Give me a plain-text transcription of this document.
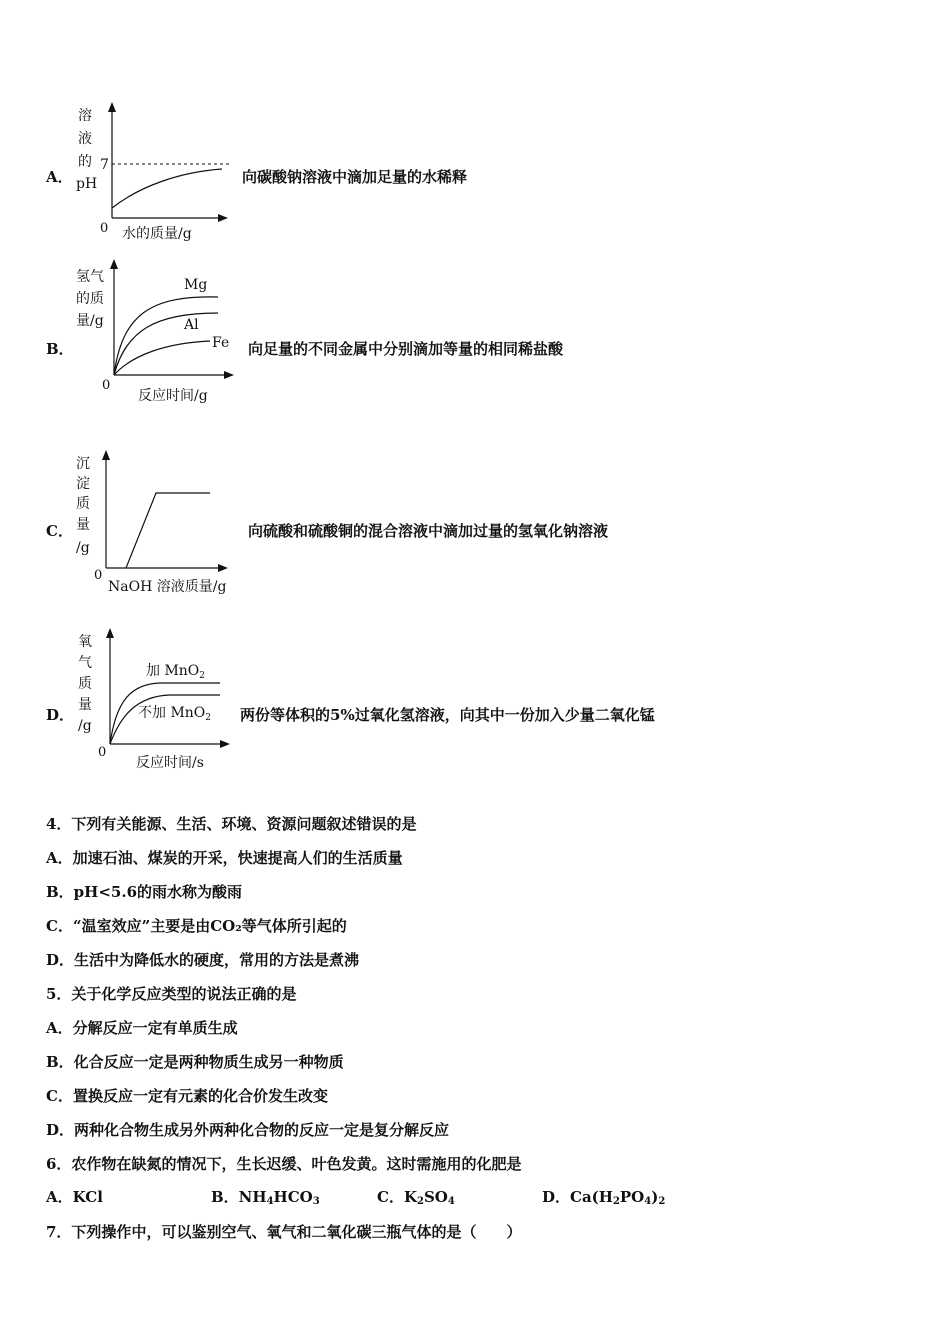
A．
溶
液
的
pH
7
0 水的质量/g
向碳酸钠溶液中滴加足量的水稀释
B．
氢气
的质
量/g
Mg
Al
Fe
0
反应时间/g
向足量的不同金属中分别滴加等量的相同稀盐酸
C．
沉
淀
质
量
/g
0
NaOH 溶液质量/g
向硫酸和硫酸铜的混合溶液中滴加过量的氢氧化钠溶液
D．
氧
气
质
量
/g
加 MnO$_2$
不加 MnO$_2$
0
反应时间/s
两份等体积的5%过氧化氢溶液，向其中一份加入少量二氧化锰
4．下列有关能源、生活、环境、资源问题叙述错误的是
A．加速石油、煤炭的开采，快速提高人们的生活质量
B．pH<5.6的雨水称为酸雨
C．“温室效应”主要是由CO₂等气体所引起的
D．生活中为降低水的硬度，常用的方法是煮沸
5．关于化学反应类型的说法正确的是
A．分解反应一定有单质生成
B．化合反应一定是两种物质生成另一种物质
C．置换反应一定有元素的化合价发生改变
D．两种化合物生成另外两种化合物的反应一定是复分解反应
6．农作物在缺氮的情况下，生长迟缓、叶色发黄。这时需施用的化肥是
A．KCl	B．$NH_4HCO_3$	C．$K_2SO_4$	D．$Ca(H_2PO_4)_2$
7．下列操作中，可以鉴别空气、氧气和二氧化碳三瓶气体的是（　　）
